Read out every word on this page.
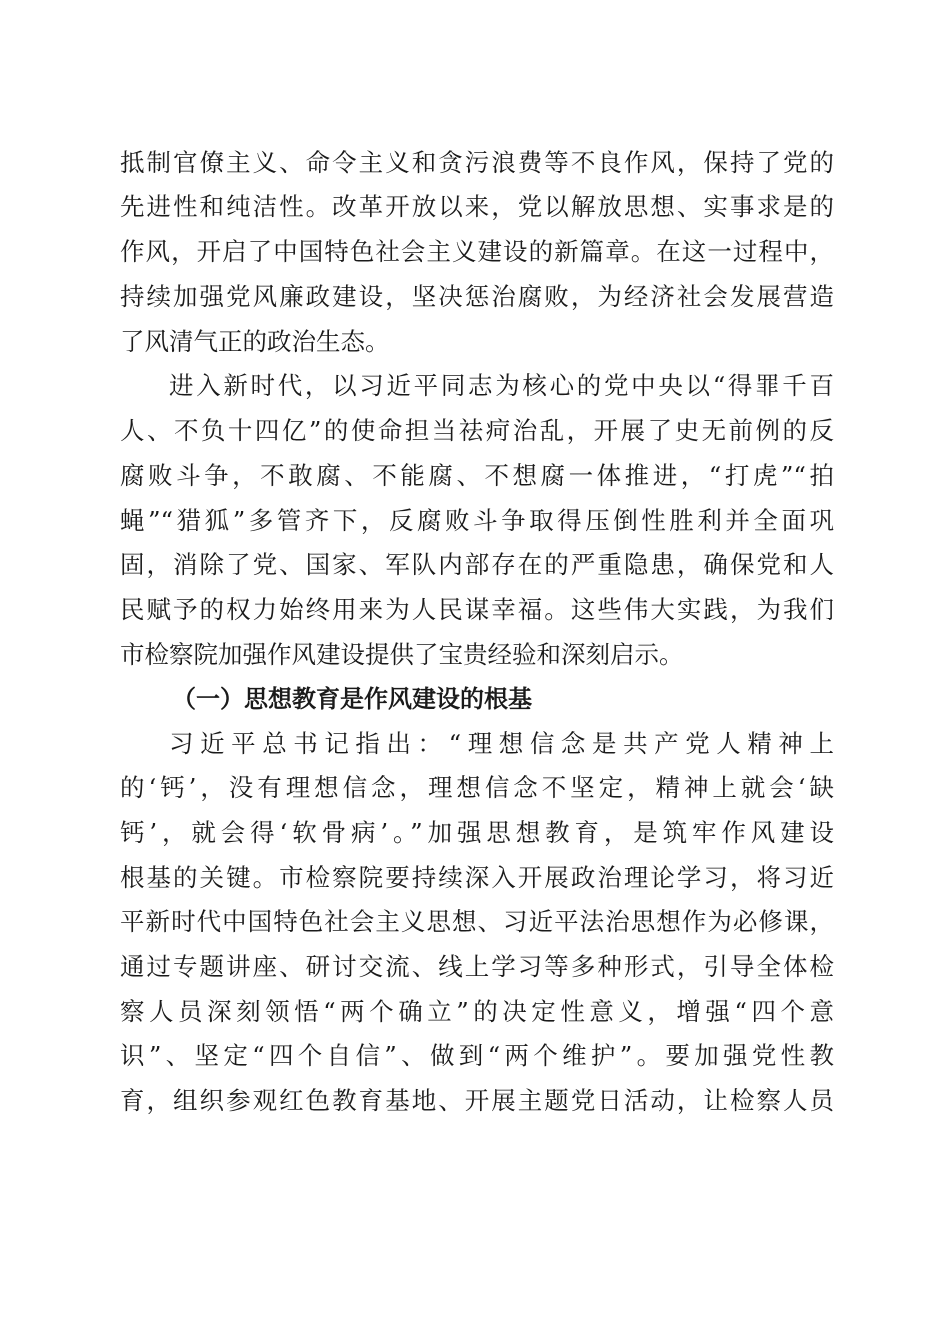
抵制官僚主义、命令主义和贪污浪费等不良作风，保持了党的
先进性和纯洁性。改革开放以来，党以解放思想、实事求是的
作风，开启了中国特色社会主义建设的新篇章。在这一过程中，
持续加强党风廉政建设，坚决惩治腐败，为经济社会发展营造
了风清气正的政治生态。
进入新时代，以习近平同志为核心的党中央以“得罪千百
人、不负十四亿”的使命担当祛疴治乱，开展了史无前例的反
腐败斗争，不敢腐、不能腐、不想腐一体推进，“打虎”“拍
蝇”“猎狐”多管齐下，反腐败斗争取得压倒性胜利并全面巩
固，消除了党、国家、军队内部存在的严重隐患，确保党和人
民赋予的权力始终用来为人民谋幸福。这些伟大实践，为我们
市检察院加强作风建设提供了宝贵经验和深刻启示。
（一）思想教育是作风建设的根基
习近平总书记指出：“理想信念是共产党人精神上
的‘钙’，没有理想信念，理想信念不坚定，精神上就会‘缺
钙’，就会得‘软骨病’。”加强思想教育，是筑牢作风建设
根基的关键。市检察院要持续深入开展政治理论学习，将习近
平新时代中国特色社会主义思想、习近平法治思想作为必修课，
通过专题讲座、研讨交流、线上学习等多种形式，引导全体检
察人员深刻领悟“两个确立”的决定性意义，增强“四个意
识”、坚定“四个自信”、做到“两个维护”。要加强党性教
育，组织参观红色教育基地、开展主题党日活动，让检察人员
